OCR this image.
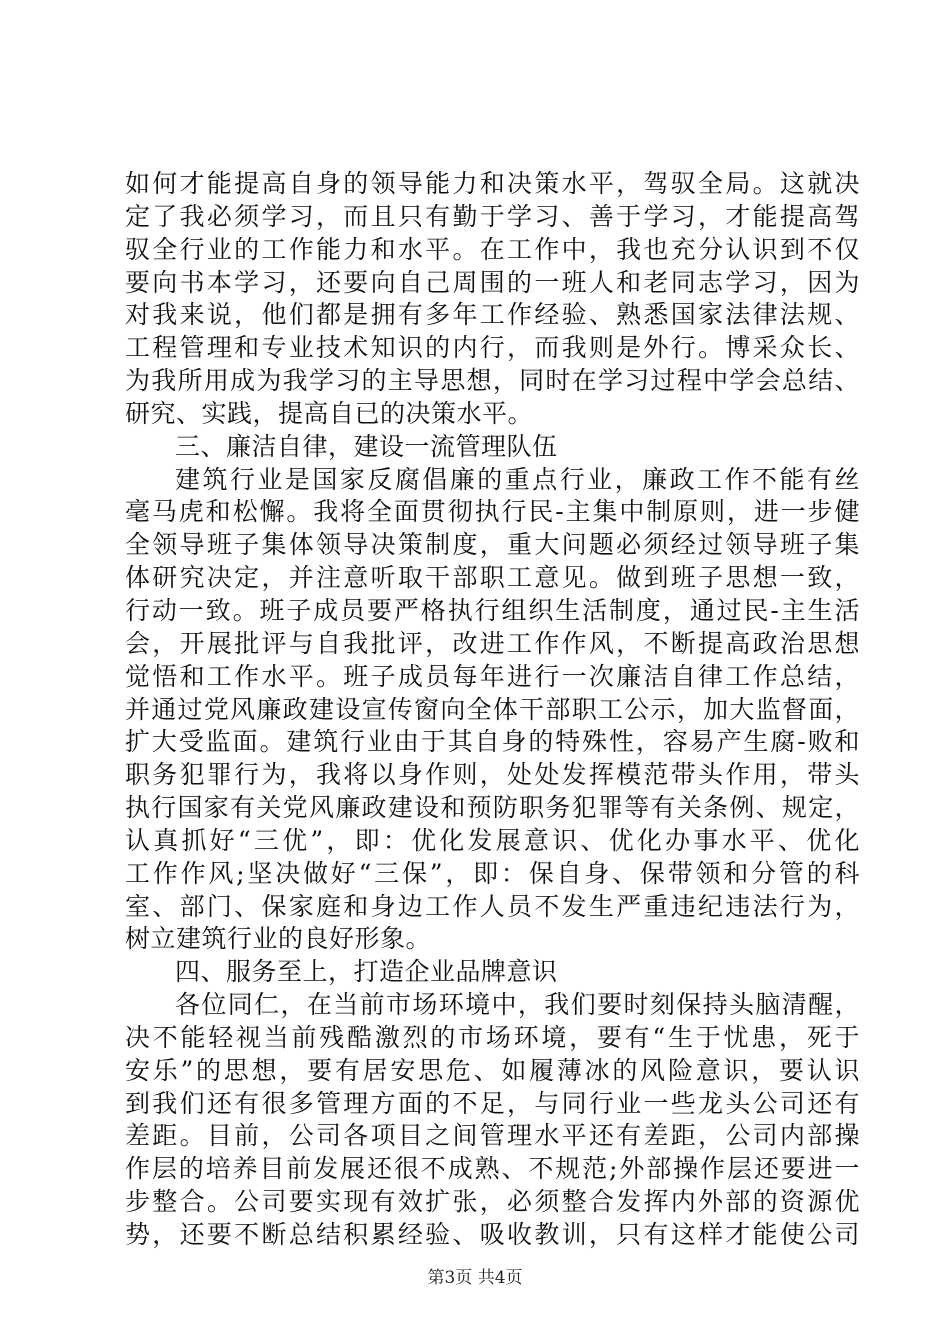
如何才能提高自身的领导能力和决策水平，驾驭全局。这就决
定了我必须学习，而且只有勤于学习、善于学习，才能提高驾
驭全行业的工作能力和水平。在工作中，我也充分认识到不仅
要向书本学习，还要向自己周围的一班人和老同志学习，因为
对我来说，他们都是拥有多年工作经验、熟悉国家法律法规、
工程管理和专业技术知识的内行，而我则是外行。博采众长、
为我所用成为我学习的主导思想，同时在学习过程中学会总结、
研究、实践，提高自已的决策水平。
三、廉洁自律，建设一流管理队伍
建筑行业是国家反腐倡廉的重点行业，廉政工作不能有丝
毫马虎和松懈。我将全面贯彻执行民-主集中制原则，进一步健
全领导班子集体领导决策制度，重大问题必须经过领导班子集
体研究决定，并注意听取干部职工意见。做到班子思想一致，
行动一致。班子成员要严格执行组织生活制度，通过民-主生活
会，开展批评与自我批评，改进工作作风，不断提高政治思想
觉悟和工作水平。班子成员每年进行一次廉洁自律工作总结，
并通过党风廉政建设宣传窗向全体干部职工公示，加大监督面，
扩大受监面。建筑行业由于其自身的特殊性，容易产生腐-败和
职务犯罪行为，我将以身作则，处处发挥模范带头作用，带头
执行国家有关党风廉政建设和预防职务犯罪等有关条例、规定，
认真抓好“三优”，即：优化发展意识、优化办事水平、优化
工作作风;坚决做好“三保”，即：保自身、保带领和分管的科
室、部门、保家庭和身边工作人员不发生严重违纪违法行为，
树立建筑行业的良好形象。
四、服务至上，打造企业品牌意识
各位同仁，在当前市场环境中，我们要时刻保持头脑清醒，
决不能轻视当前残酷激烈的市场环境，要有“生于忧患，死于
安乐”的思想，要有居安思危、如履薄冰的风险意识，要认识
到我们还有很多管理方面的不足，与同行业一些龙头公司还有
差距。目前，公司各项目之间管理水平还有差距，公司内部操
作层的培养目前发展还很不成熟、不规范;外部操作层还要进一
步整合。公司要实现有效扩张，必须整合发挥内外部的资源优
势，还要不断总结积累经验、吸收教训，只有这样才能使公司
第3页 共4页
